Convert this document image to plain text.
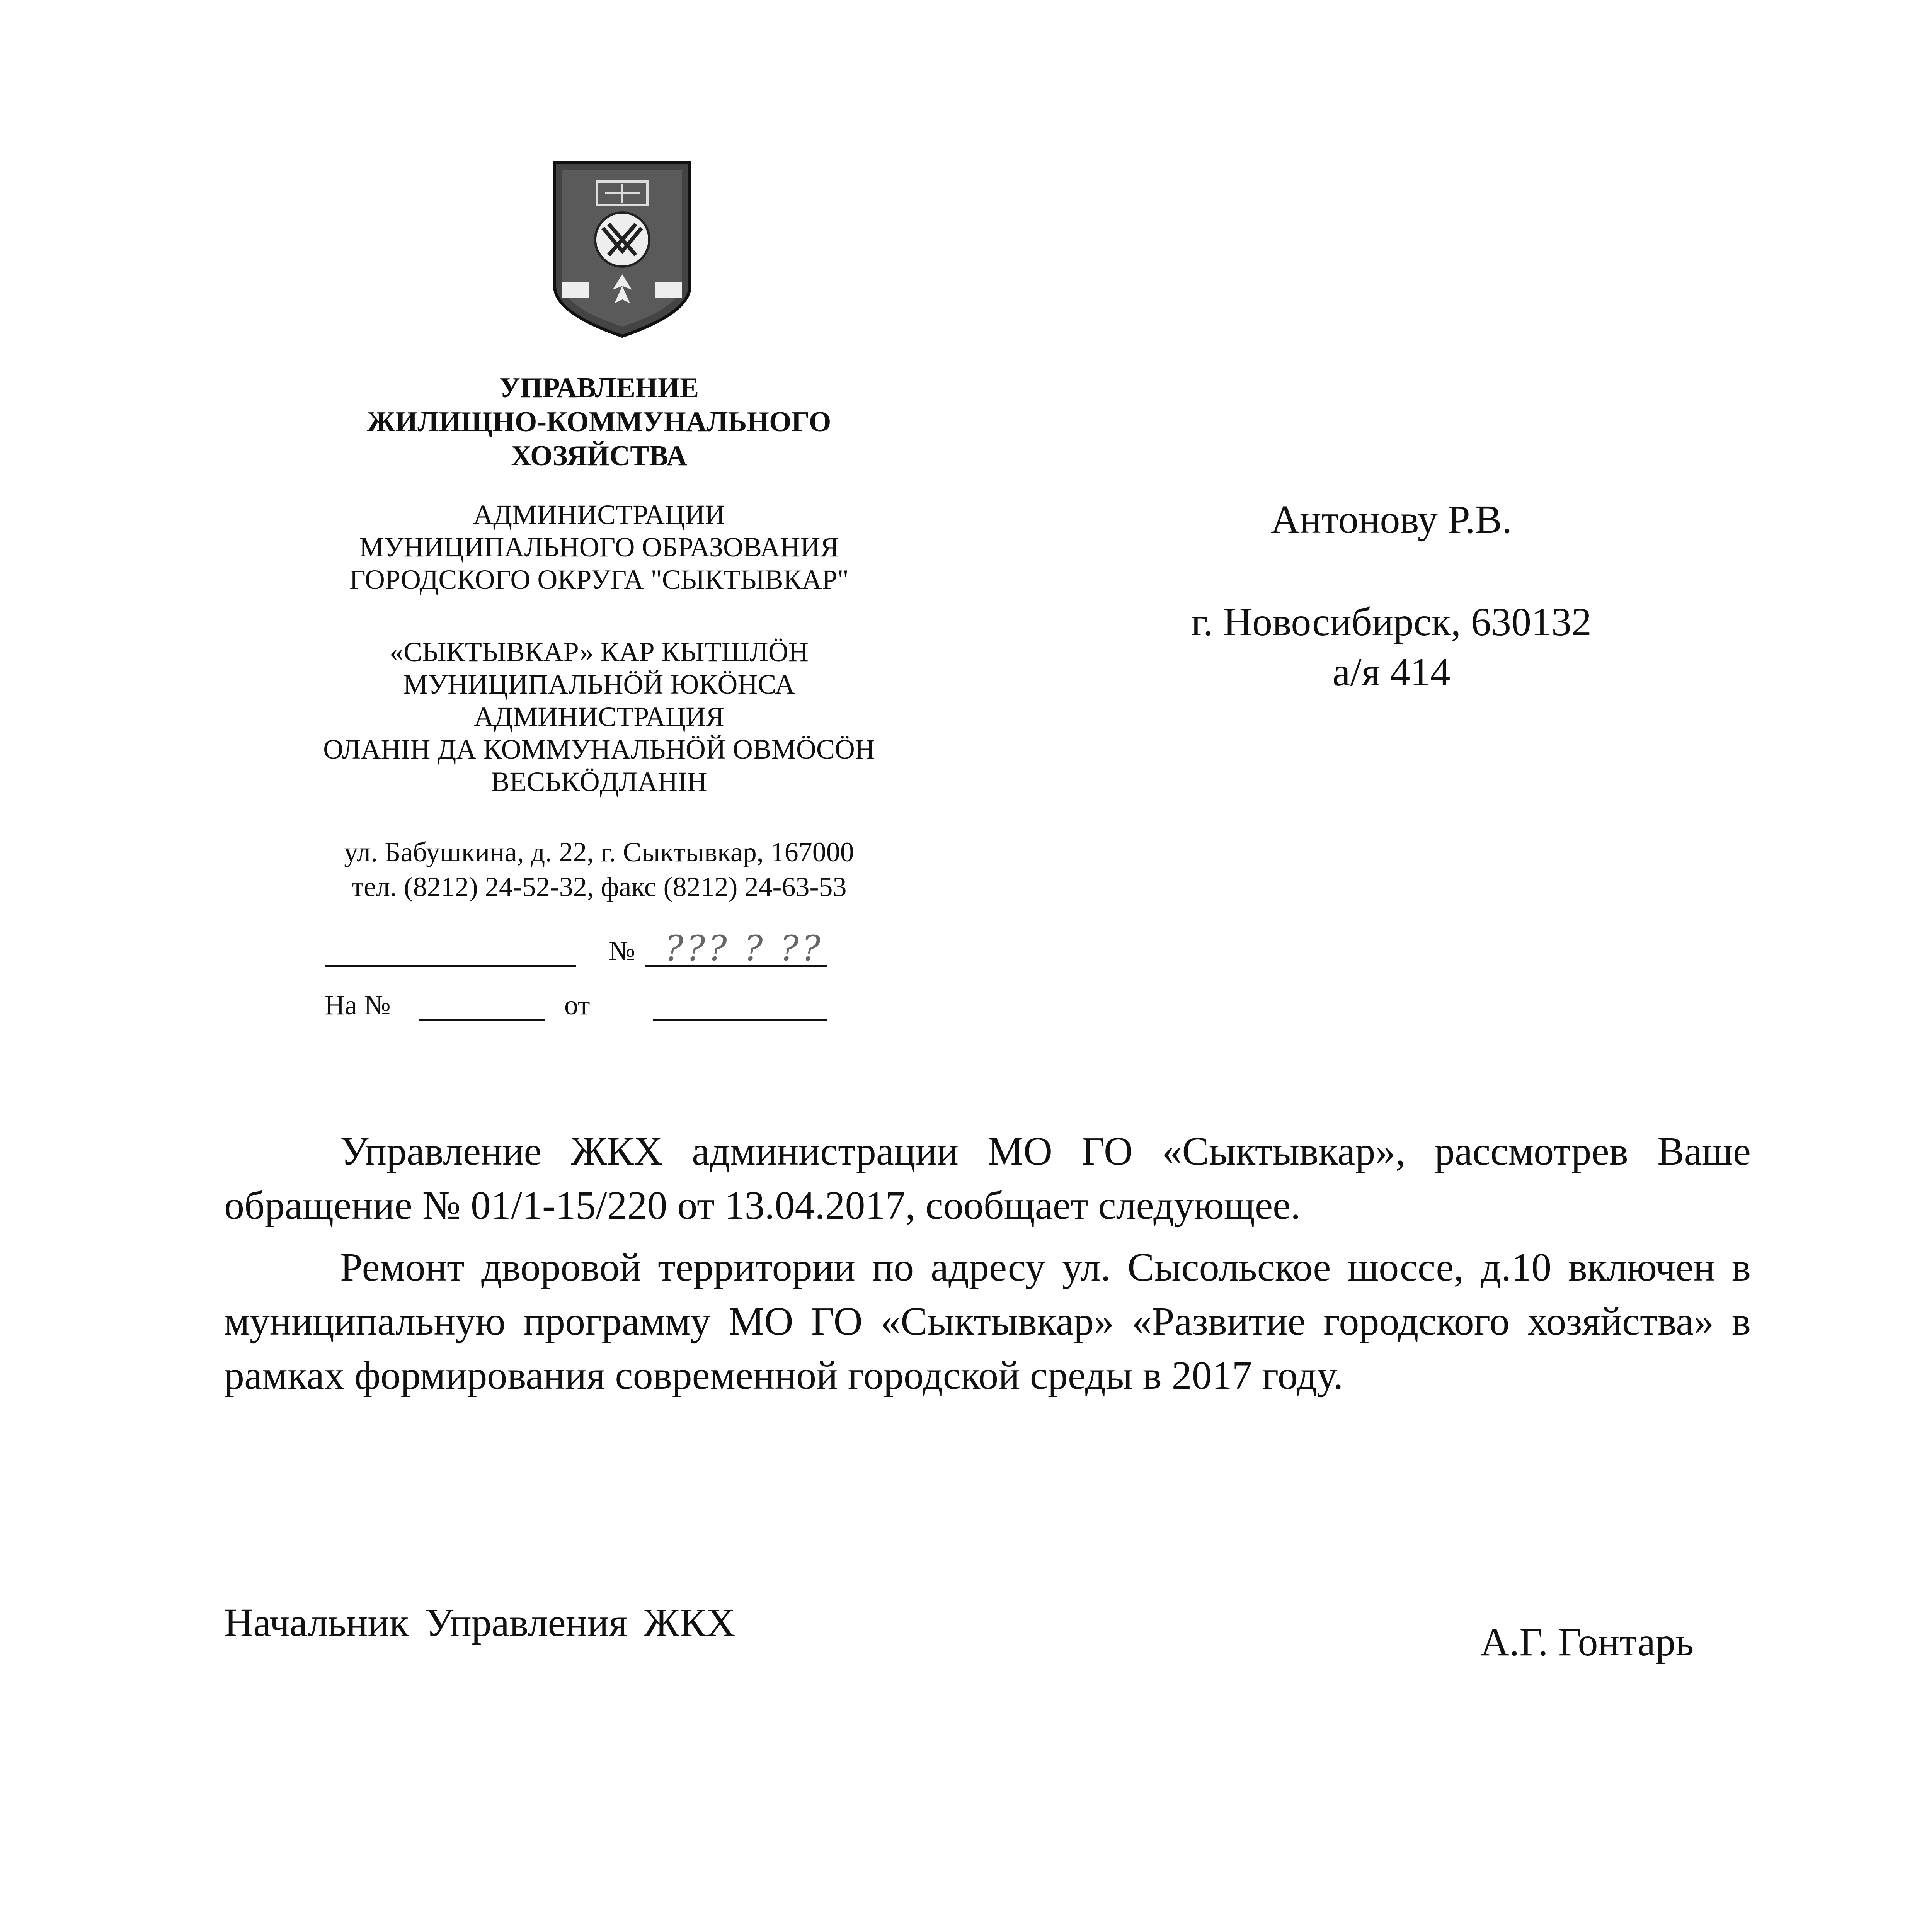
УПРАВЛЕНИЕ
ЖИЛИЩНО-КОММУНАЛЬНОГО
ХОЗЯЙСТВА
АДМИНИСТРАЦИИ
МУНИЦИПАЛЬНОГО ОБРАЗОВАНИЯ
ГОРОДСКОГО ОКРУГА "СЫКТЫВКАР"
«СЫКТЫВКАР» КАР КЫТШЛӦН
МУНИЦИПАЛЬНӦЙ ЮКӦНСА
АДМИНИСТРАЦИЯ
ОЛАНIН ДА КОММУНАЛЬНӦЙ ОВМӦСӦН
ВЕСЬКӦДЛАНIН
ул. Бабушкина, д. 22, г. Сыктывкар, 167000
тел. (8212) 24-52-32, факс (8212) 24-63-53
№ ??? ? ??
На №	от
Антонову Р.В.
г. Новосибирск, 630132
а/я 414
Управление ЖКХ администрации МО ГО «Сыктывкар», рассмотрев Ваше обращение № 01/1-15/220 от 13.04.2017, сообщает следующее.
Ремонт дворовой территории по адресу ул. Сысольское шоссе, д.10 включен в муниципальную программу МО ГО «Сыктывкар» «Развитие городского хозяйства» в рамках формирования современной городской среды в 2017 году.
Начальник Управления ЖКХ	А.Г. Гонтарь
